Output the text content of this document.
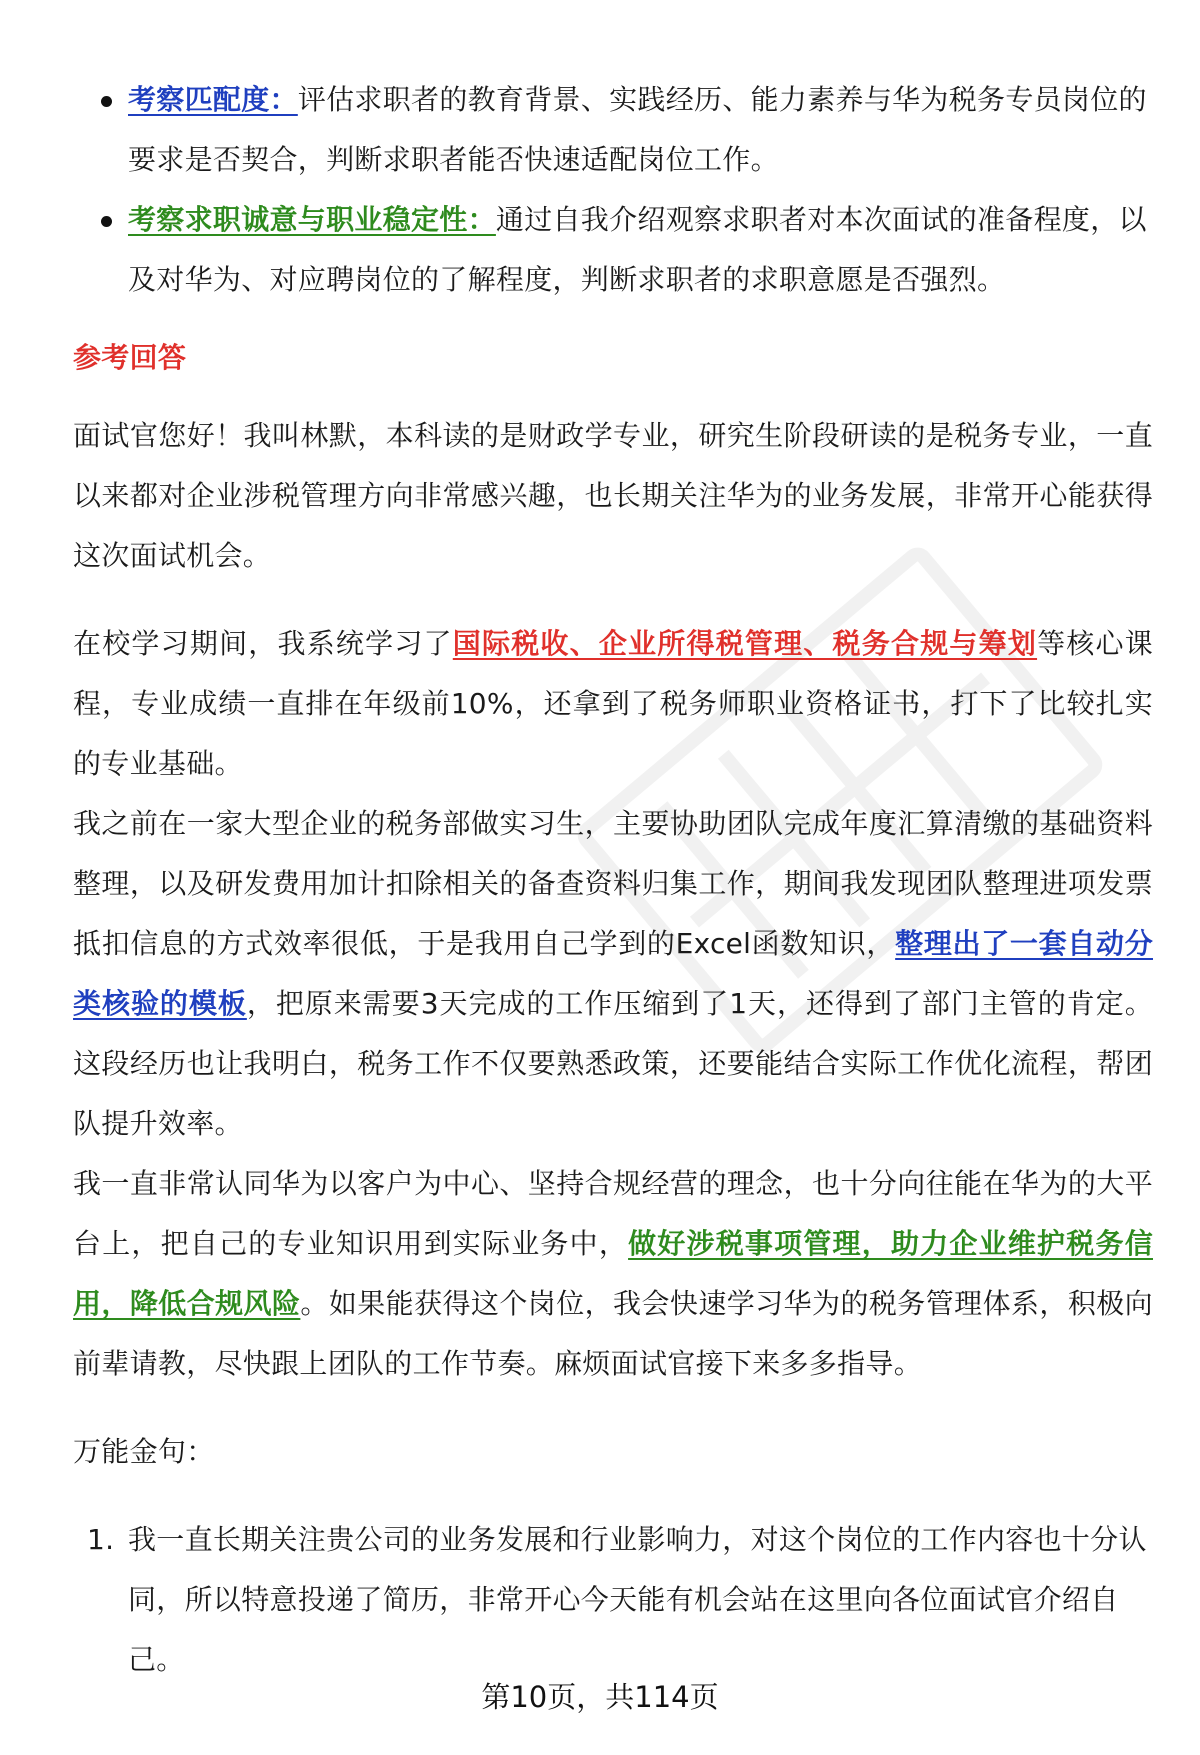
考察匹配度：评估求职者的教育背景、实践经历、能力素养与华为税务专员岗位的要求是否契合，判断求职者能否快速适配岗位工作。
考察求职诚意与职业稳定性：通过自我介绍观察求职者对本次面试的准备程度，以及对华为、对应聘岗位的了解程度，判断求职者的求职意愿是否强烈。
参考回答

面试官您好！我叫林默，本科读的是财政学专业，研究生阶段研读的是税务专业，一直以来都对企业涉税管理方向非常感兴趣，也长期关注华为的业务发展，非常开心能获得这次面试机会。

在校学习期间，我系统学习了国际税收、企业所得税管理、税务合规与筹划等核心课程，专业成绩一直排在年级前10%，还拿到了税务师职业资格证书，打下了比较扎实的专业基础。

我之前在一家大型企业的税务部做实习生，主要协助团队完成年度汇算清缴的基础资料整理，以及研发费用加计扣除相关的备查资料归集工作，期间我发现团队整理进项发票抵扣信息的方式效率很低，于是我用自己学到的Excel函数知识，整理出了一套自动分类核验的模板，把原来需要3天完成的工作压缩到了1天，还得到了部门主管的肯定。这段经历也让我明白，税务工作不仅要熟悉政策，还要能结合实际工作优化流程，帮团队提升效率。

我一直非常认同华为以客户为中心、坚持合规经营的理念，也十分向往能在华为的大平台上，把自己的专业知识用到实际业务中，做好涉税事项管理，助力企业维护税务信用，降低合规风险。如果能获得这个岗位，我会快速学习华为的税务管理体系，积极向前辈请教，尽快跟上团队的工作节奏。麻烦面试官接下来多多指导。

万能金句：

1. 我一直长期关注贵公司的业务发展和行业影响力，对这个岗位的工作内容也十分认同，所以特意投递了简历，非常开心今天能有机会站在这里向各位面试官介绍自己。
第10页，共114页
